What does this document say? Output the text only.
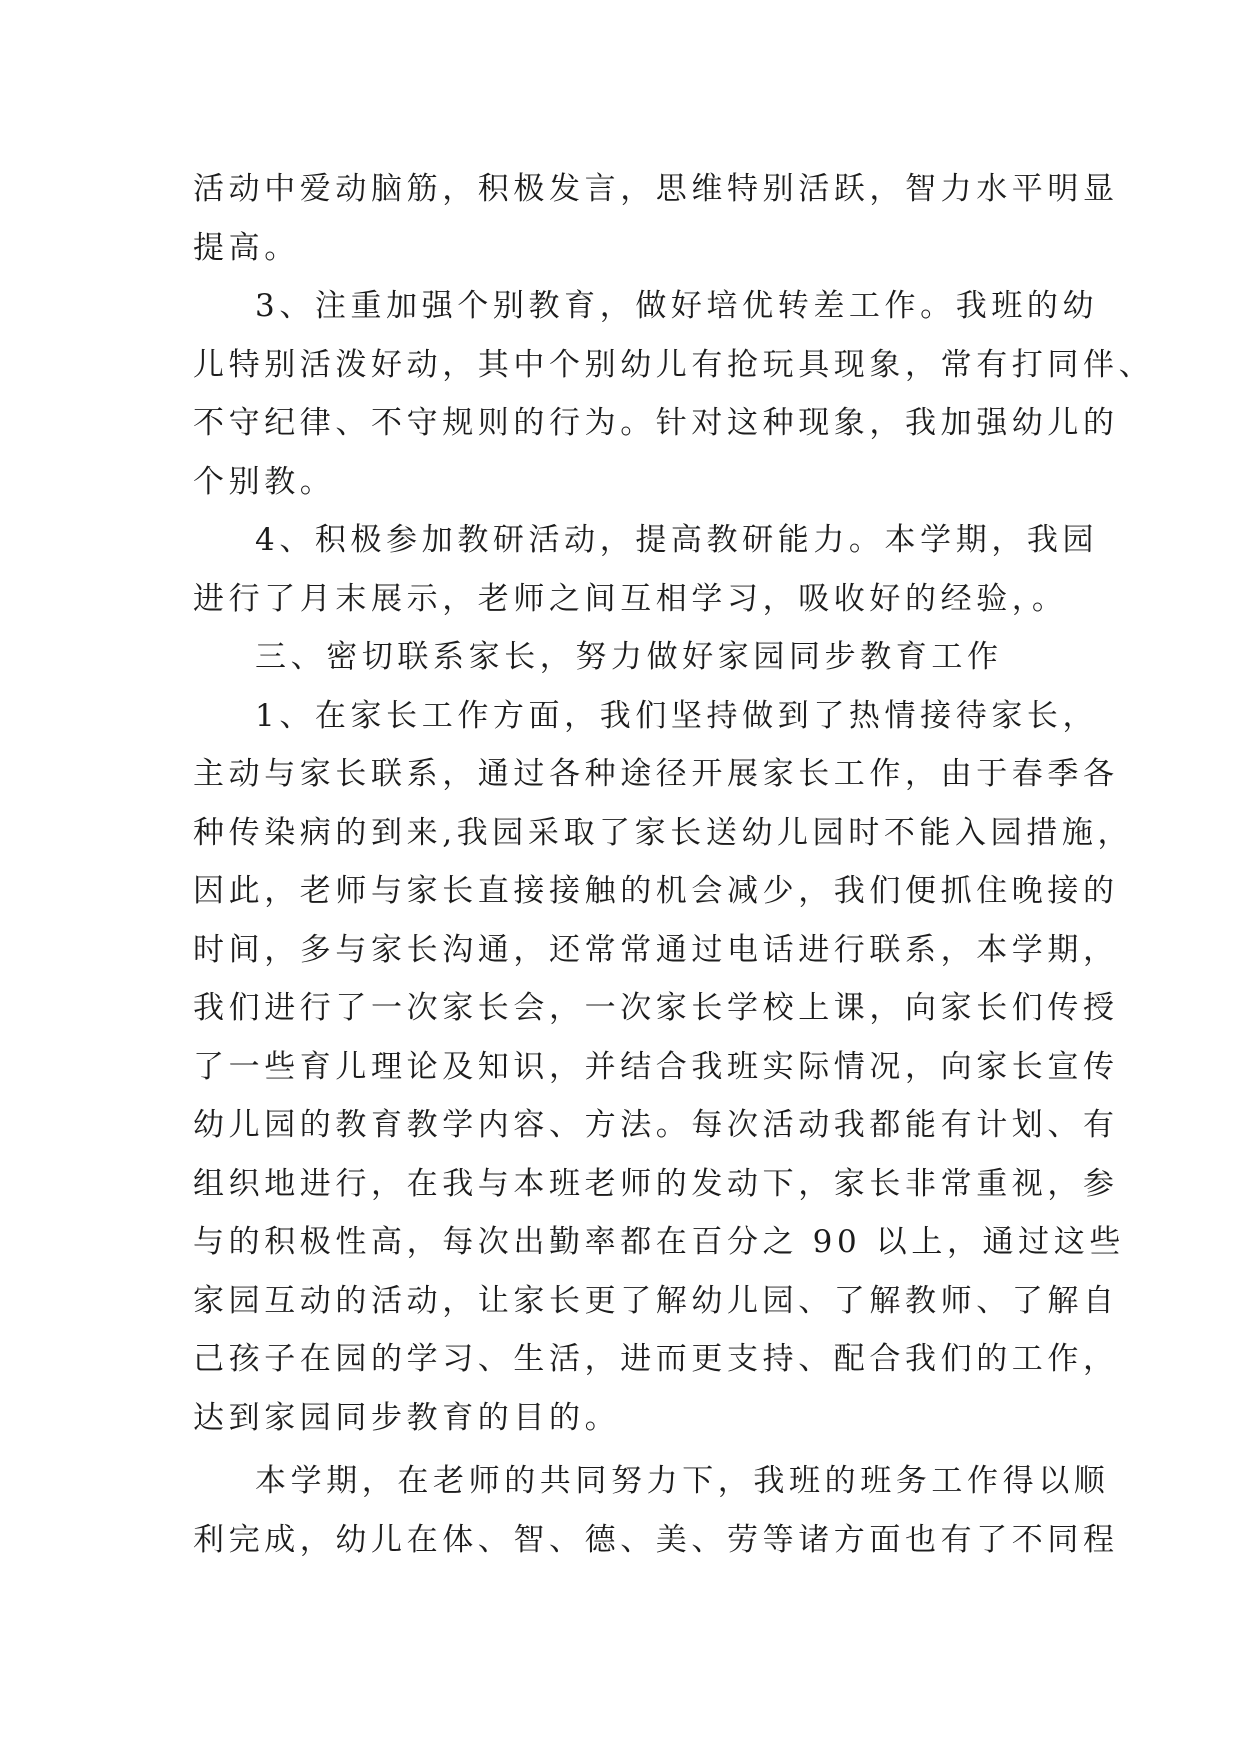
活动中爱动脑筋，积极发言，思维特别活跃，智力水平明显
提高。
3、注重加强个别教育，做好培优转差工作。我班的幼
儿特别活泼好动，其中个别幼儿有抢玩具现象，常有打同伴、
不守纪律、不守规则的行为。针对这种现象，我加强幼儿的
个别教。
4、积极参加教研活动，提高教研能力。本学期，我园
进行了月末展示，老师之间互相学习，吸收好的经验，。
三、密切联系家长，努力做好家园同步教育工作
1、在家长工作方面，我们坚持做到了热情接待家长，
主动与家长联系，通过各种途径开展家长工作，由于春季各
种传染病的到来,我园采取了家长送幼儿园时不能入园措施，
因此，老师与家长直接接触的机会减少，我们便抓住晚接的
时间，多与家长沟通，还常常通过电话进行联系，本学期，
我们进行了一次家长会，一次家长学校上课，向家长们传授
了一些育儿理论及知识，并结合我班实际情况，向家长宣传
幼儿园的教育教学内容、方法。每次活动我都能有计划、有
组织地进行，在我与本班老师的发动下，家长非常重视，参
与的积极性高，每次出勤率都在百分之 90 以上，通过这些
家园互动的活动，让家长更了解幼儿园、了解教师、了解自
己孩子在园的学习、生活，进而更支持、配合我们的工作，
达到家园同步教育的目的。
本学期，在老师的共同努力下，我班的班务工作得以顺
利完成，幼儿在体、智、德、美、劳等诸方面也有了不同程
